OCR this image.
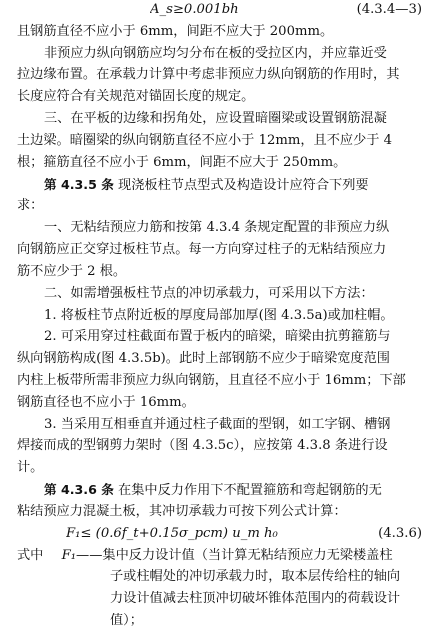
A_s≥0.001bh	(4.3.4—3)
且钢筋直径不应小于 6mm，间距不应大于 200mm。
非预应力纵向钢筋应均匀分布在板的受拉区内，并应靠近受
拉边缘布置。在承载力计算中考虑非预应力纵向钢筋的作用时，其
长度应符合有关规范对锚固长度的规定。
三、在平板的边缘和拐角处，应设置暗圈梁或设置钢筋混凝
土边梁。暗圈梁的纵向钢筋直径不应小于 12mm，且不应少于 4
根；箍筋直径不应小于 6mm，间距不应大于 250mm。
第 4.3.5 条 现浇板柱节点型式及构造设计应符合下列要
求：
一、无粘结预应力筋和按第 4.3.4 条规定配置的非预应力纵
向钢筋应正交穿过板柱节点。每一方向穿过柱子的无粘结预应力
筋不应少于 2 根。
二、如需增强板柱节点的冲切承载力，可采用以下方法：
1. 将板柱节点附近板的厚度局部加厚(图 4.3.5a)或加柱帽。
2. 可采用穿过柱截面布置于板内的暗梁，暗梁由抗剪箍筋与
纵向钢筋构成(图 4.3.5b)。此时上部钢筋不应少于暗梁宽度范围
内柱上板带所需非预应力纵向钢筋，且直径不应小于 16mm；下部
钢筋直径也不应小于 16mm。
3. 当采用互相垂直并通过柱子截面的型钢，如工字钢、槽钢
焊接而成的型钢剪力架时（图 4.3.5c），应按第 4.3.8 条进行设
计。
第 4.3.6 条 在集中反力作用下不配置箍筋和弯起钢筋的无
粘结预应力混凝土板，其冲切承载力可按下列公式计算：
F₁≤ (0.6f_t+0.15σ_pcm) u_m h₀	(4.3.6)
式中 F₁——集中反力设计值（当计算无粘结预应力无梁楼盖柱
子或柱帽处的冲切承载力时，取本层传给柱的轴向
力设计值减去柱顶冲切破坏锥体范围内的荷载设计
值）；
